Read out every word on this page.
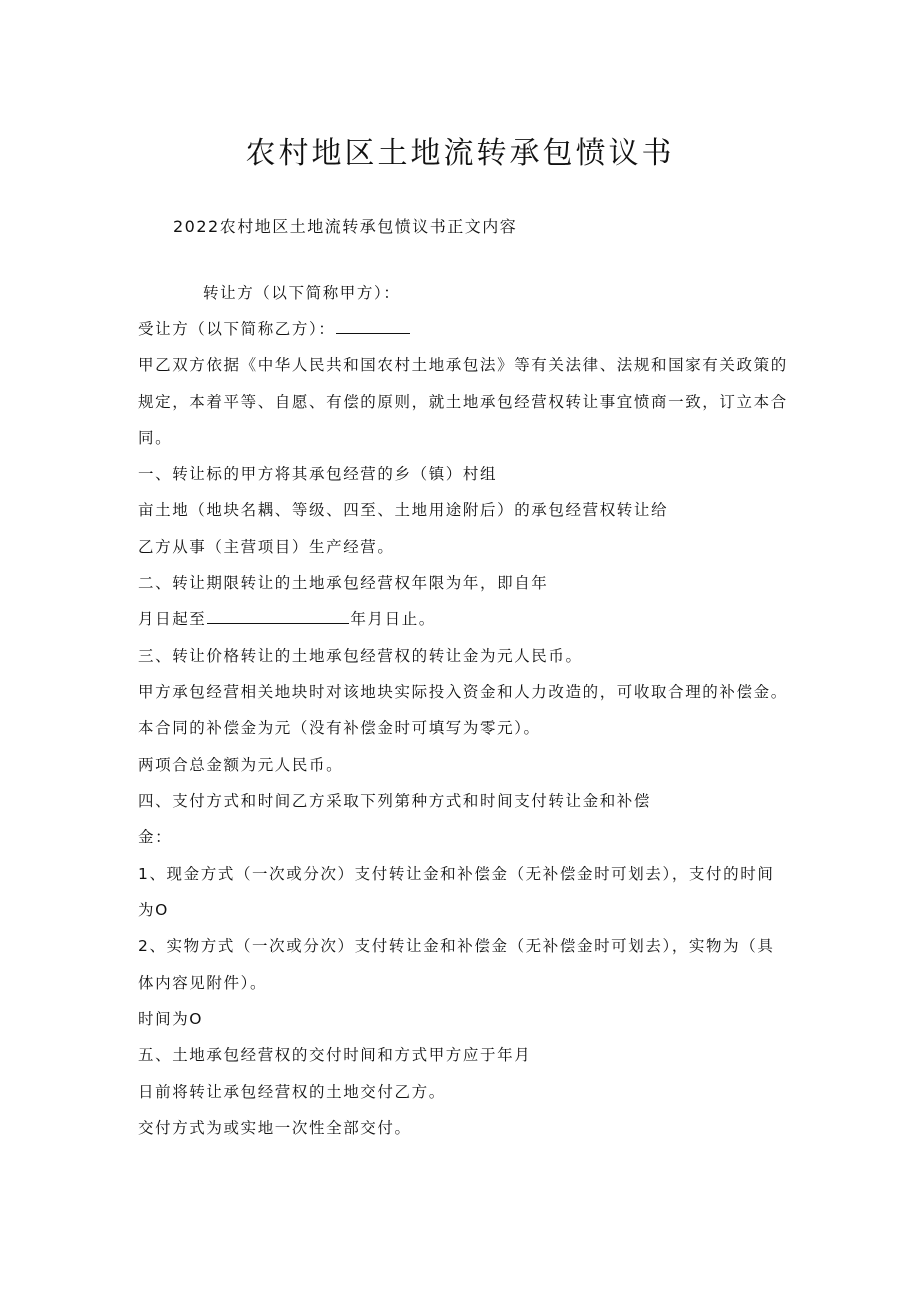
农村地区土地流转承包愤议书
2022农村地区土地流转承包愤议书正文内容
转让方（以下简称甲方）：
受让方（以下简称乙方）：
甲乙双方依据《中华人民共和国农村土地承包法》等有关法律、法规和国家有关政策的
规定，本着平等、自愿、有偿的原则，就土地承包经营权转让事宜愤商一致，订立本合
同。
一、转让标的甲方将其承包经营的乡（镇）村组
亩土地（地块名耦、等级、四至、土地用途附后）的承包经营权转让给
乙方从事（主营项目）生产经营。
二、转让期限转让的土地承包经营权年限为年，即自年
月日起至	年月日止。
三、转让价格转让的土地承包经营权的转让金为元人民币。
甲方承包经营相关地块时对该地块实际投入资金和人力改造的，可收取合理的补偿金。
本合同的补偿金为元（没有补偿金时可填写为零元）。
两项合总金额为元人民币。
四、支付方式和时间乙方采取下列第种方式和时间支付转让金和补偿
金：
1、现金方式（一次或分次）支付转让金和补偿金（无补偿金时可划去），支付的时间
为O
2、实物方式（一次或分次）支付转让金和补偿金（无补偿金时可划去），实物为（具
体内容见附件）。
时间为O
五、土地承包经营权的交付时间和方式甲方应于年月
日前将转让承包经营权的土地交付乙方。
交付方式为或实地一次性全部交付。
